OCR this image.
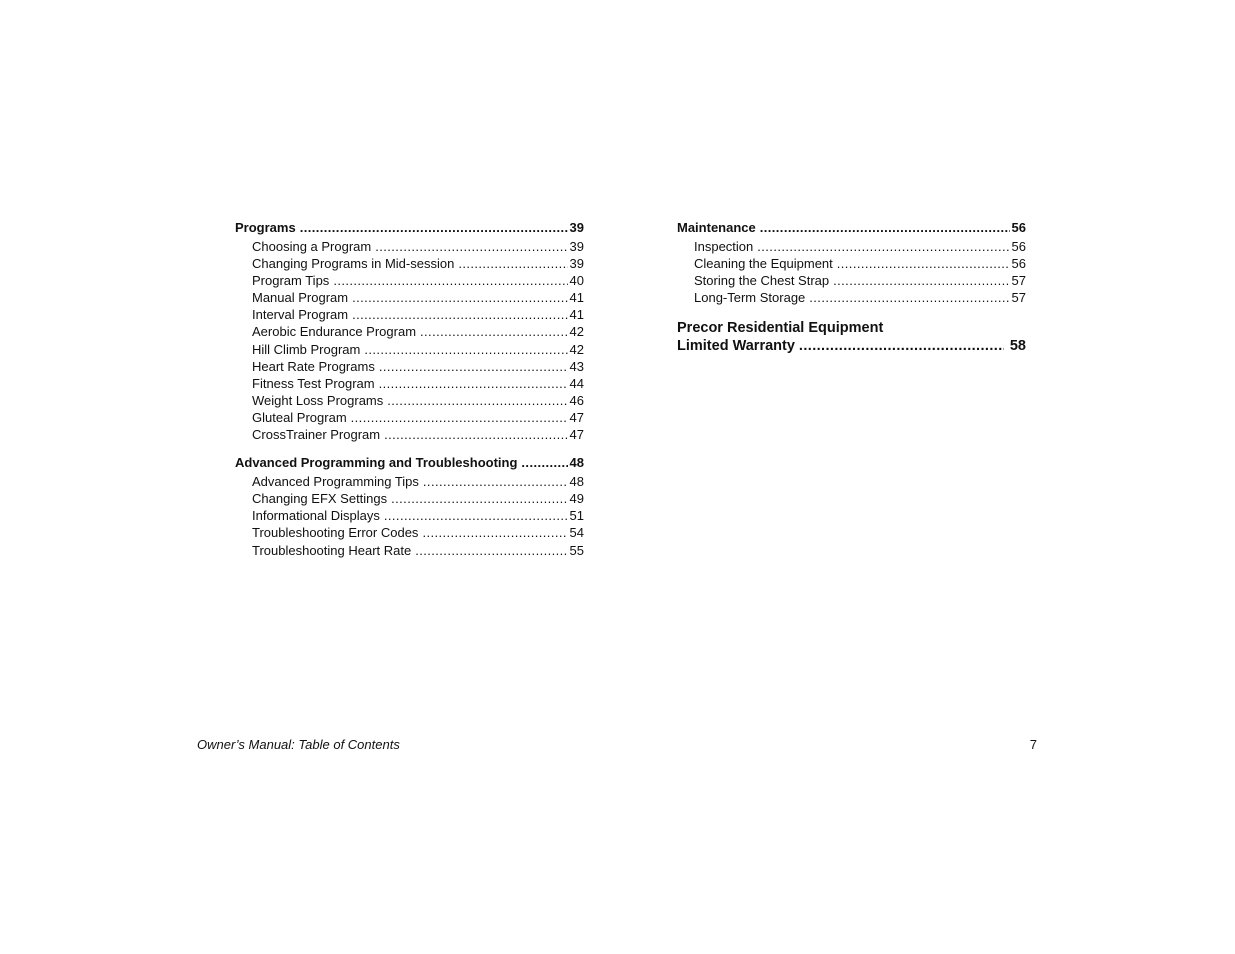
Programs .....	39
Choosing a Program .....	39
Changing Programs in Mid-session .....	39
Program Tips .....	40
Manual Program .....	41
Interval Program .....	41
Aerobic Endurance Program .....	42
Hill Climb Program .....	42
Heart Rate Programs .....	43
Fitness Test Program .....	44
Weight Loss Programs .....	46
Gluteal Program .....	47
CrossTrainer Program .....	47
Advanced Programming and Troubleshooting .....	48
Advanced Programming Tips .....	48
Changing EFX Settings .....	49
Informational Displays .....	51
Troubleshooting Error Codes .....	54
Troubleshooting Heart Rate .....	55
Maintenance .....	56
Inspection .....	56
Cleaning the Equipment .....	56
Storing the Chest Strap .....	57
Long-Term Storage .....	57
Precor Residential Equipment
Limited Warranty .....	58
Owner’s Manual: Table of Contents	7
